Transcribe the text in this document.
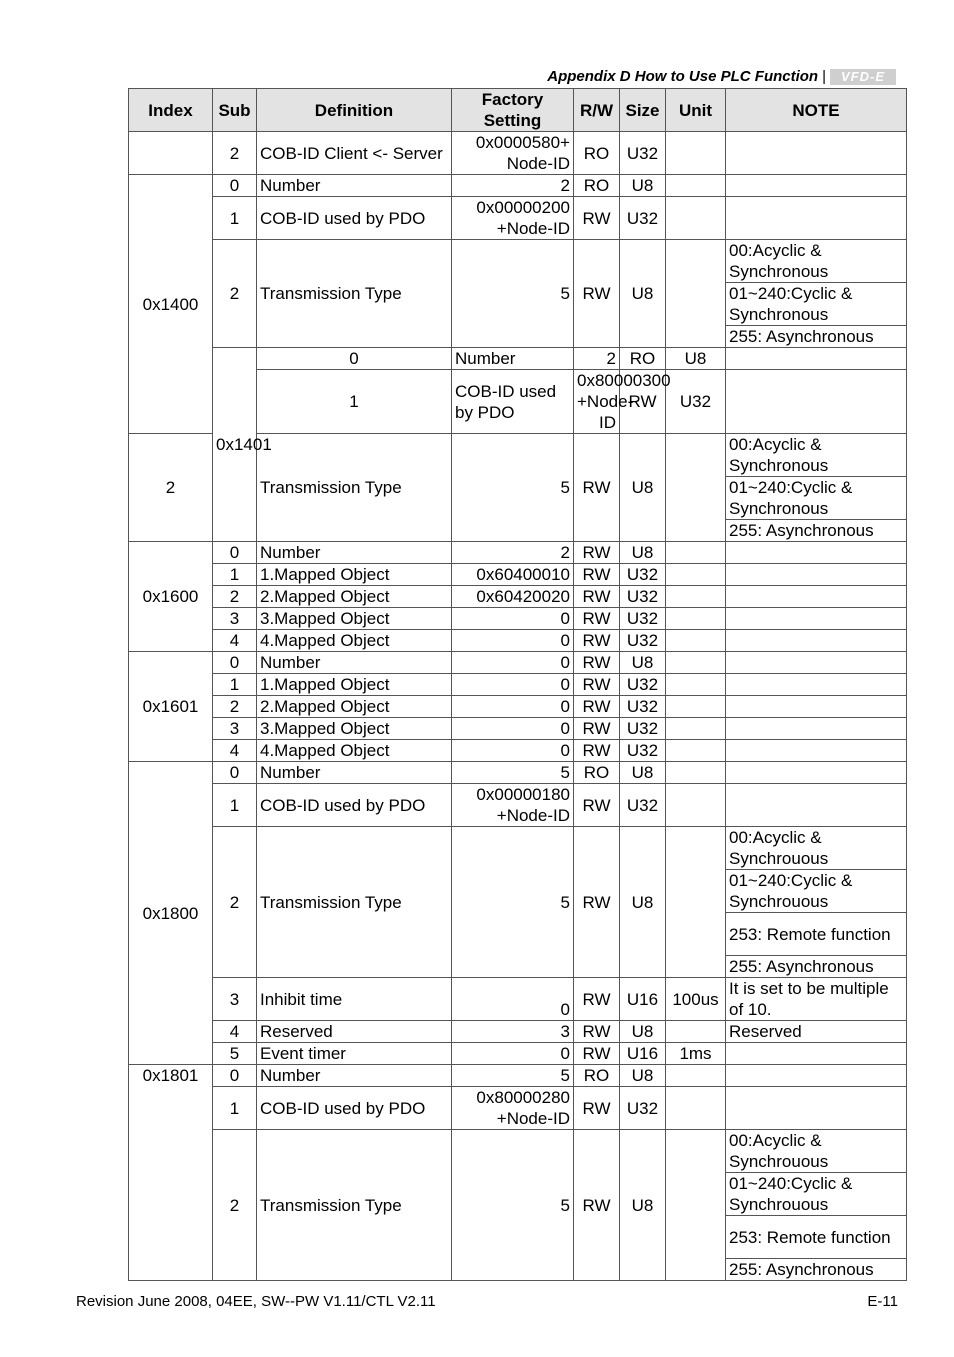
Appendix D How to Use PLC Function |	VFD-E
Index	Sub	Definition	Factory Setting	R/W	Size	Unit	NOTE	
	2	COB-ID Client <- Server	0x0000580+ Node-ID	RO	U32			
0x1400	0	Number	2	RO	U8			
	1	COB-ID used by PDO	0x00000200 +Node-ID	RW	U32			
	2	Transmission Type	5	RW	U8		00:Acyclic & Synchronous	
							01~240:Cyclic & Synchronous	
							255: Asynchronous	
	0x1401	0	Number	2	RO	U8		
		1	COB-ID used by PDO	0x80000300 +Node-ID	RW	U32		
2		Transmission Type	5	RW	U8		00:Acyclic & Synchronous	
							01~240:Cyclic & Synchronous	
							255: Asynchronous	
0x1600	0	Number	2	RW	U8			
	1	1.Mapped Object	0x60400010	RW	U32			
	2	2.Mapped Object	0x60420020	RW	U32			
	3	3.Mapped Object	0	RW	U32			
	4	4.Mapped Object	0	RW	U32			
0x1601	0	Number	0	RW	U8			
	1	1.Mapped Object	0	RW	U32			
	2	2.Mapped Object	0	RW	U32			
	3	3.Mapped Object	0	RW	U32			
	4	4.Mapped Object	0	RW	U32			
0x1800	0	Number	5	RO	U8			
	1	COB-ID used by PDO	0x00000180 +Node-ID	RW	U32			
	2	Transmission Type	5	RW	U8		00:Acyclic & Synchrouous	
							01~240:Cyclic & Synchrouous	
							253: Remote function	
							255: Asynchronous	
	3	Inhibit time	0	RW	U16	100us	It is set to be multiple of 10.	
	4	Reserved	3	RW	U8		Reserved	
	5	Event timer	0	RW	U16	1ms		
0x1801	0	Number	5	RO	U8			
	1	COB-ID used by PDO	0x80000280 +Node-ID	RW	U32			
	2	Transmission Type	5	RW	U8		00:Acyclic & Synchrouous	
							01~240:Cyclic & Synchrouous	
							253: Remote function	
							255: Asynchronous	
Revision June 2008, 04EE, SW--PW V1.11/CTL V2.11	E-11
